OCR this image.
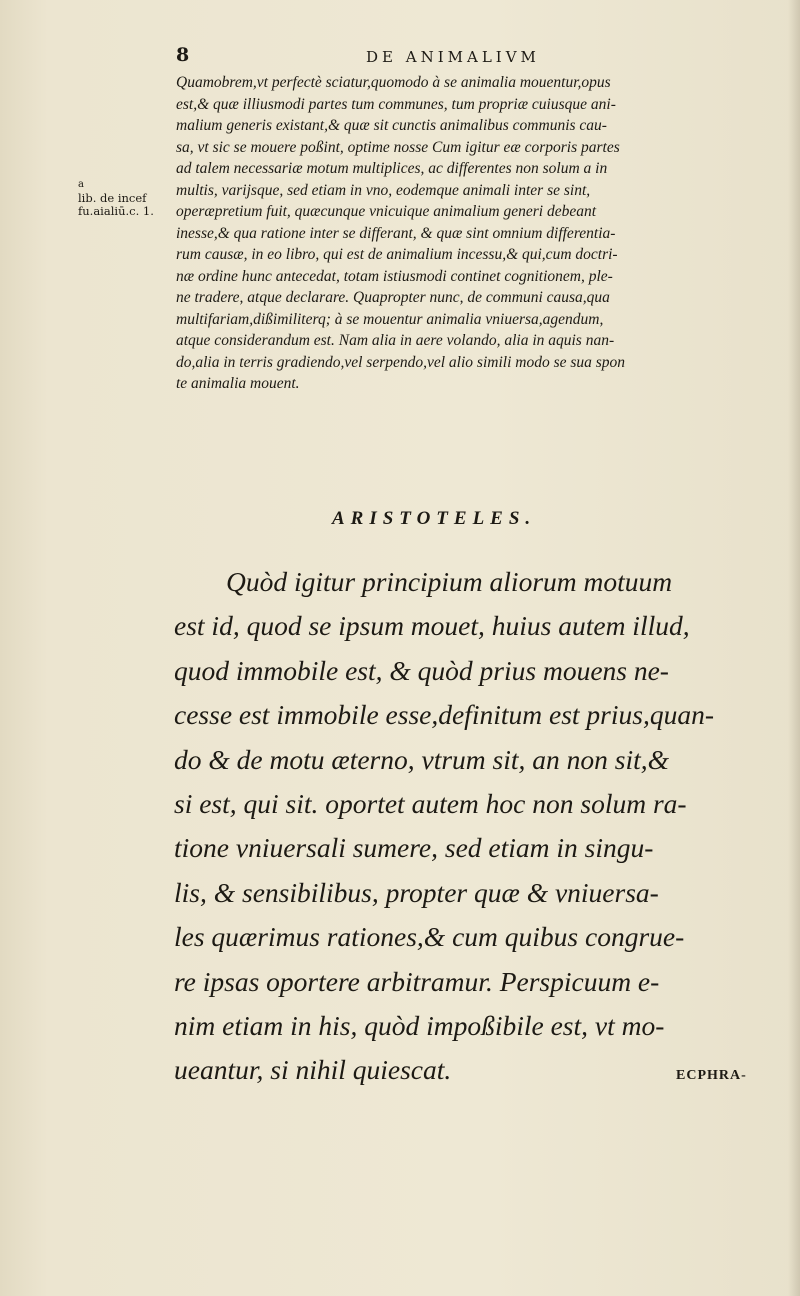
8	DE ANIMALIVM
a
lib. de incef
fu.aialiū.c. 1.
Quamobrem,vt perfectè sciatur,quomodo à se animalia mouentur,opus
est,& quæ illiusmodi partes tum communes, tum propriæ cuiusque ani-
malium generis existant,& quæ sit cunctis animalibus communis cau-
sa, vt sic se mouere poßint, optime nosse Cum igitur eæ corporis partes
ad talem necessariæ motum multiplices, ac differentes non solum a in
multis, varijsque, sed etiam in vno, eodemque animali inter se sint,
operæpretium fuit, quæcunque vnicuique animalium generi debeant
inesse,& qua ratione inter se differant, & quæ sint omnium differentia-
rum causæ, in eo libro, qui est de animalium incessu,& qui,cum doctri-
næ ordine hunc antecedat, totam istiusmodi continet cognitionem, ple-
ne tradere, atque declarare. Quapropter nunc, de communi causa,qua
multifariam,dißimiliterq; à se mouentur animalia vniuersa,agendum,
atque considerandum est. Nam alia in aere volando, alia in aquis nan-
do,alia in terris gradiendo,vel serpendo,vel alio simili modo se sua spon
te animalia mouent.
ARISTOTELES.
Quòd igitur principium aliorum motuum
est id, quod se ipsum mouet, huius autem illud,
quod immobile est, & quòd prius mouens ne-
cesse est immobile esse,definitum est prius,quan-
do & de motu æterno, vtrum sit, an non sit,&
si est, qui sit. oportet autem hoc non solum ra-
tione vniuersali sumere, sed etiam in singu-
lis, & sensibilibus, propter quæ & vniuersa-
les quærimus rationes,& cum quibus congrue-
re ipsas oportere arbitramur. Perspicuum e-
nim etiam in his, quòd impoßibile est, vt mo-
ueantur, si nihil quiescat.	ECPHRA-
